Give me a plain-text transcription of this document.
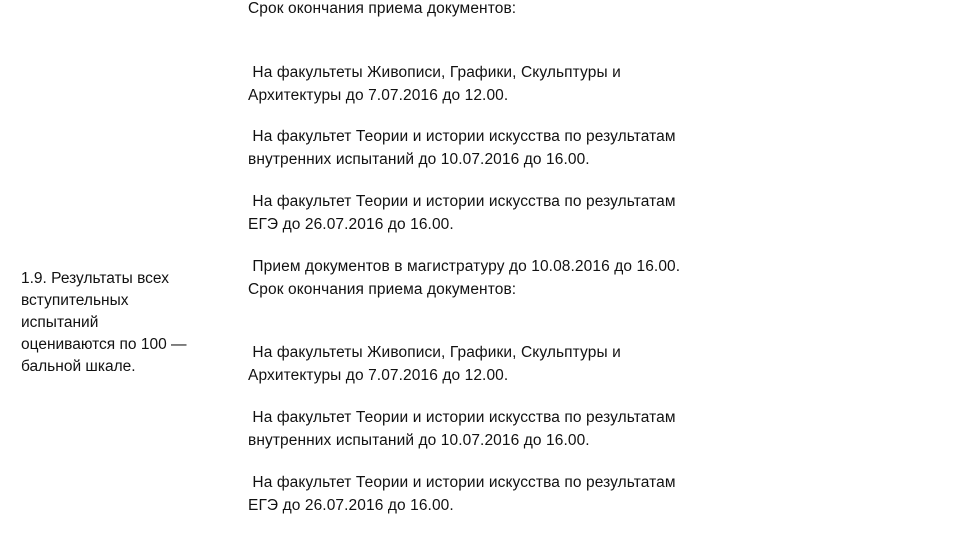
1.9. Результаты всех
вступительных
испытаний
оцениваются по 100 —
бальной шкале.

Срок окончания приема документов:

На факультеты Живописи, Графики, Скульптуры и
Архитектуры до 7.07.2016 до 12.00.

На факультет Теории и истории искусства по результатам
внутренних испытаний до 10.07.2016 до 16.00.

На факультет Теории и истории искусства по результатам
ЕГЭ до 26.07.2016 до 16.00.

Прием документов в магистратуру до 10.08.2016 до 16.00.
Срок окончания приема документов:

На факультеты Живописи, Графики, Скульптуры и
Архитектуры до 7.07.2016 до 12.00.

На факультет Теории и истории искусства по результатам
внутренних испытаний до 10.07.2016 до 16.00.

На факультет Теории и истории искусства по результатам
ЕГЭ до 26.07.2016 до 16.00.
